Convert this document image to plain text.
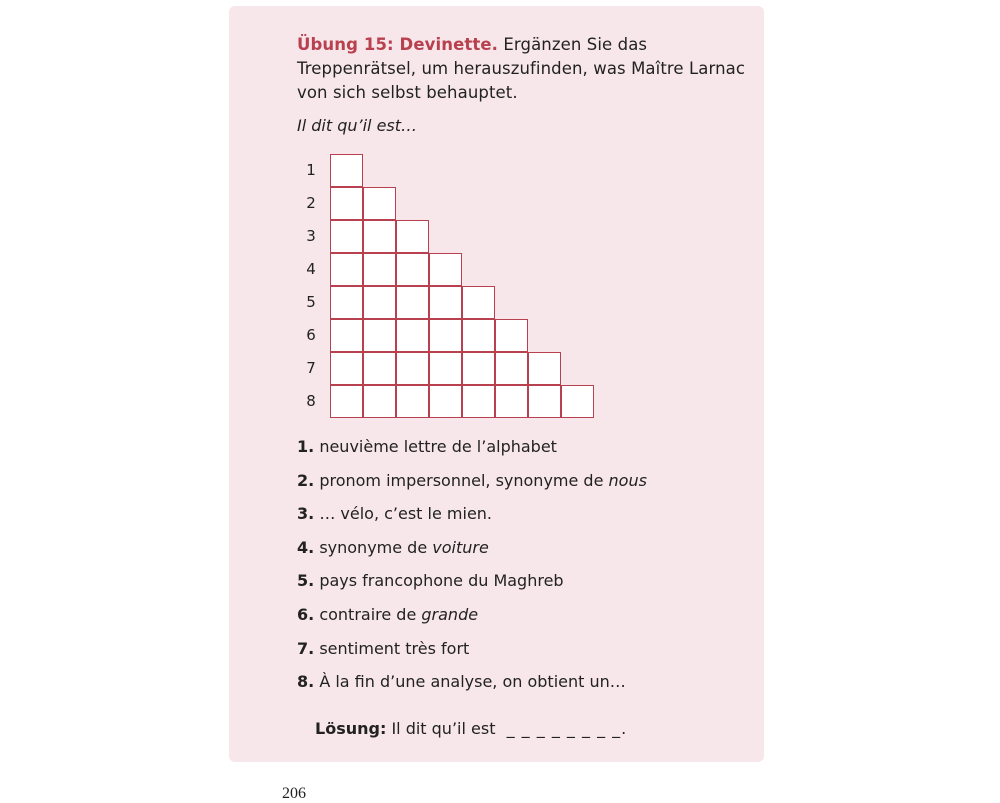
Übung 15: Devinette. Ergänzen Sie das Treppenrätsel, um herauszufinden, was Maître Larnac von sich selbst behauptet.
Il dit qu’il est…
1
2
3
4
5
6
7
8
1. neuvième lettre de l’alphabet
2. pronom impersonnel, synonyme de nous
3. … vélo, c’est le mien.
4. synonyme de voiture
5. pays francophone du Maghreb
6. contraire de grande
7. sentiment très fort
8. À la fin d’une analyse, on obtient un…
Lösung: Il dit qu’il est _ _ _ _ _ _ _ _.
206
